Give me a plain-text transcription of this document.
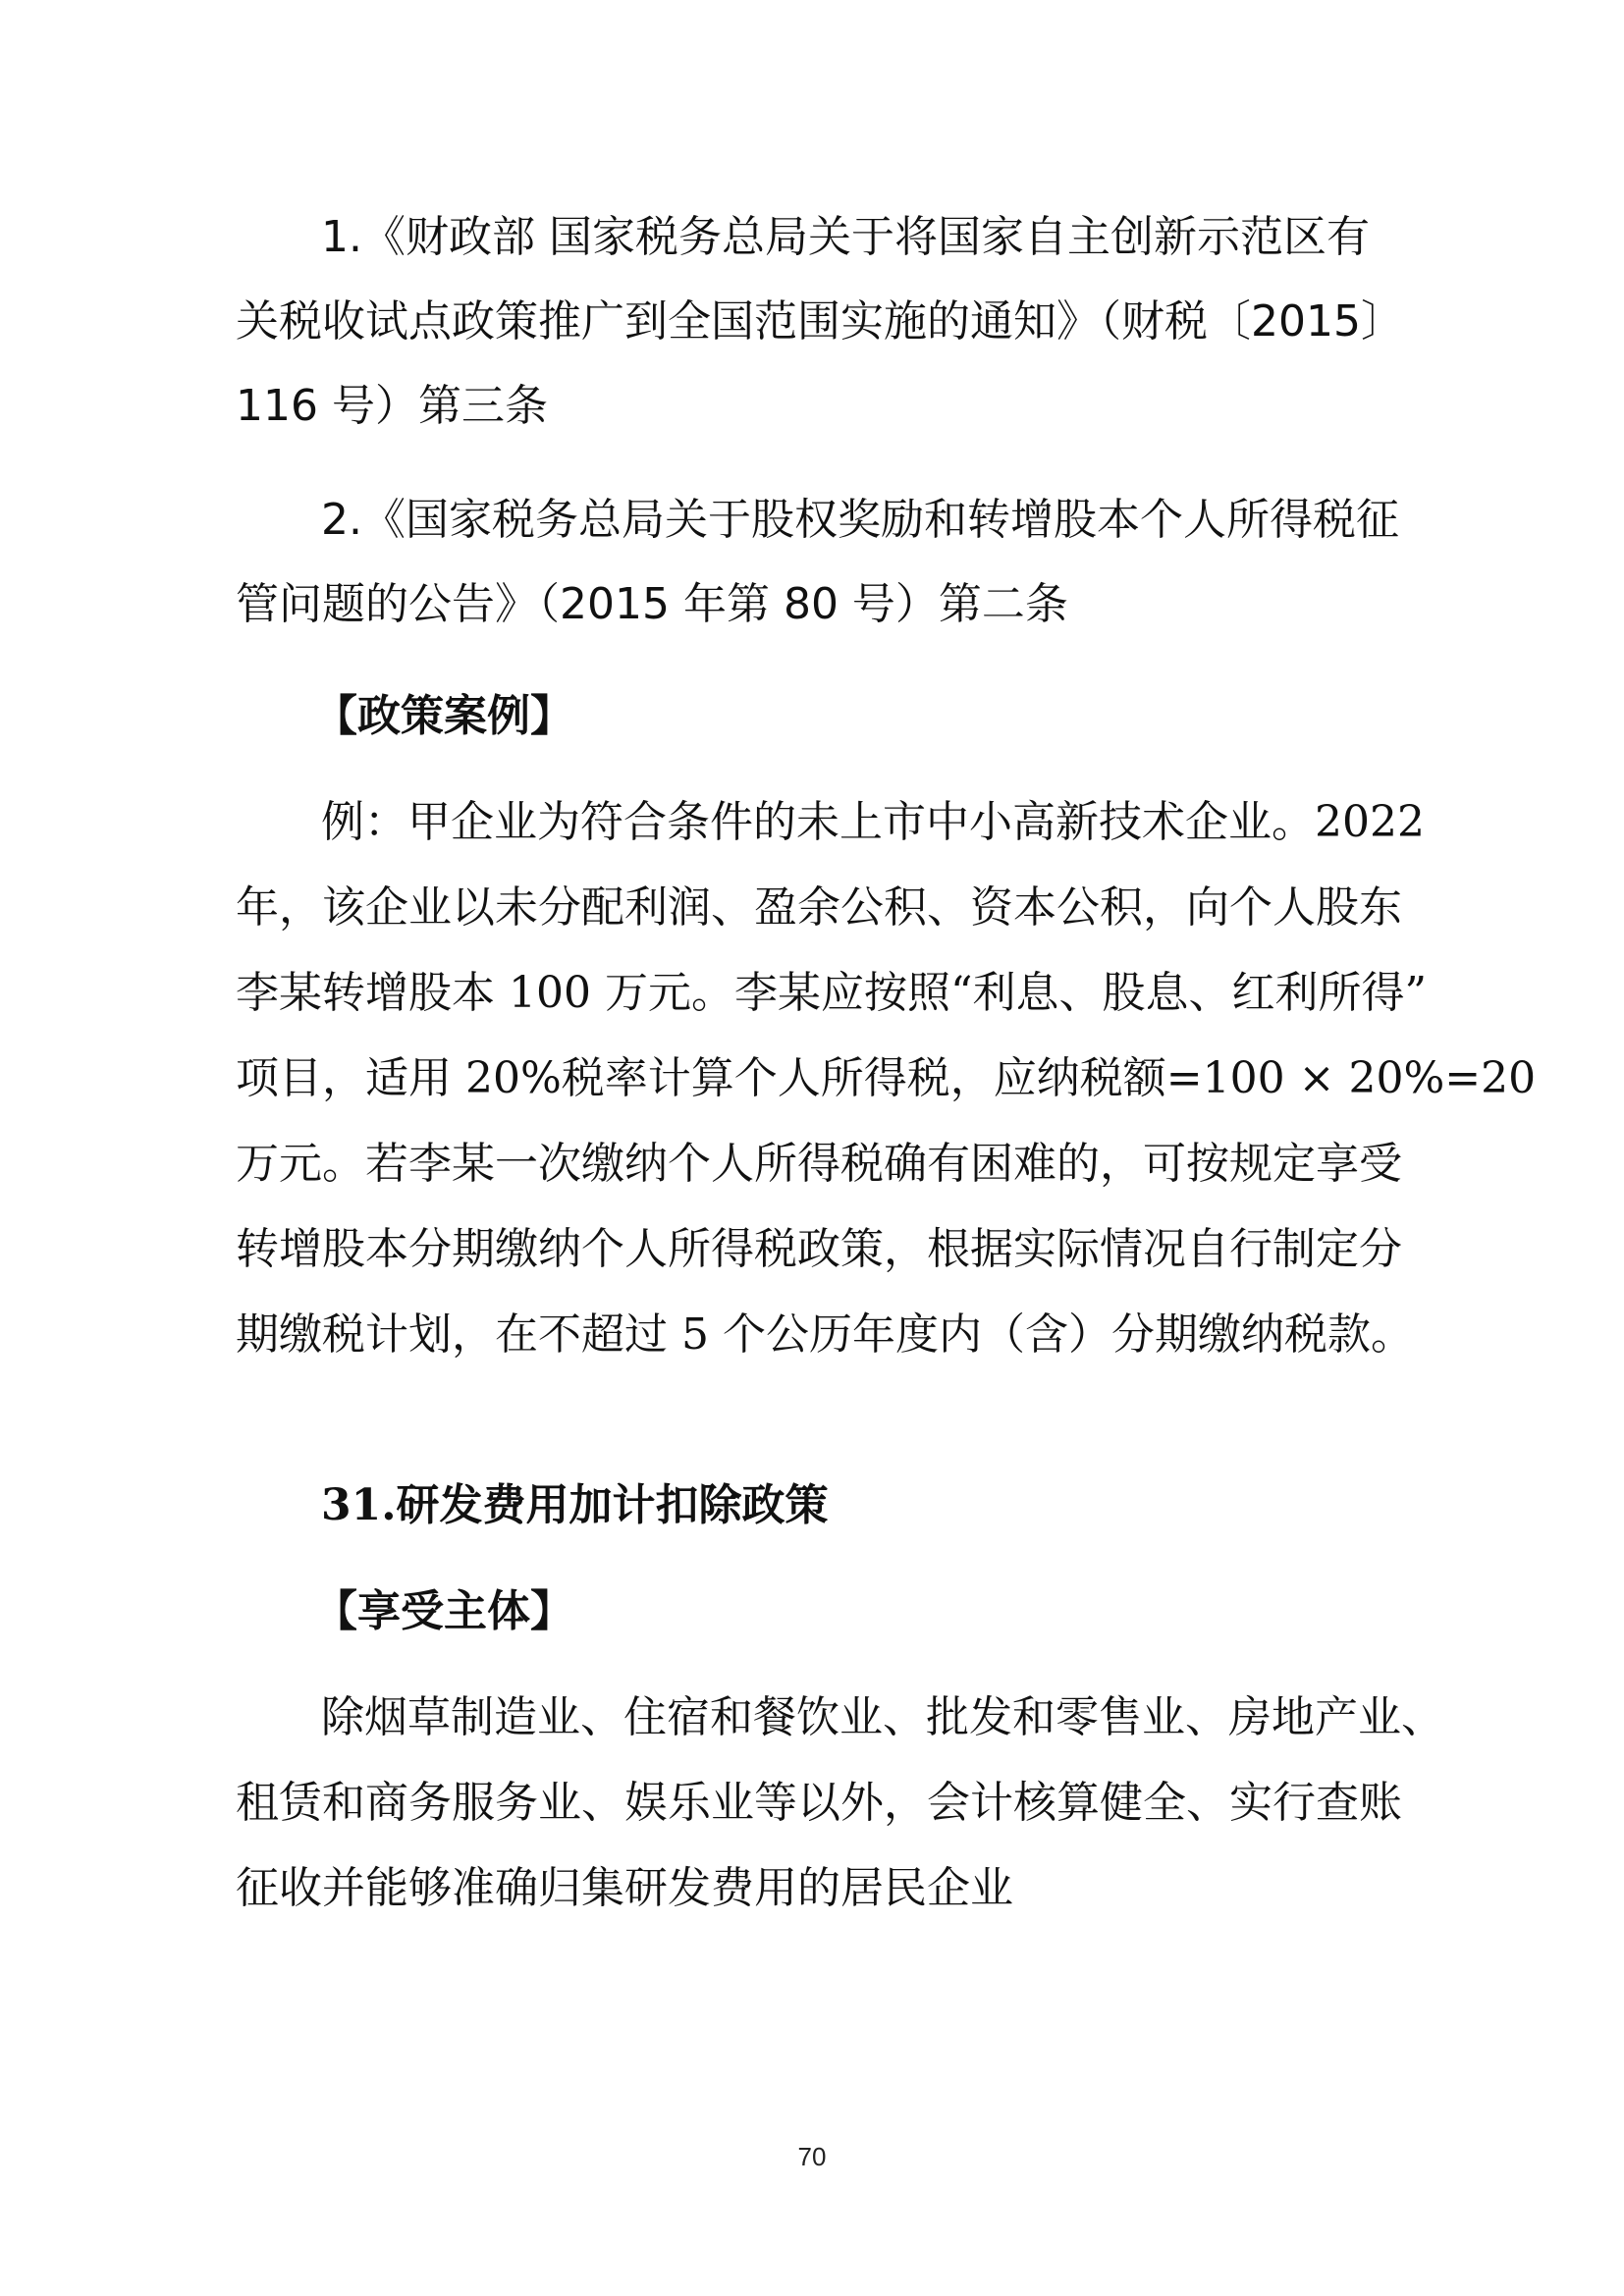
1.《财政部 国家税务总局关于将国家自主创新示范区有
关税收试点政策推广到全国范围实施的通知》（财税〔2015〕
116 号）第三条
2.《国家税务总局关于股权奖励和转增股本个人所得税征
管问题的公告》（2015 年第 80 号）第二条
【政策案例】
例：甲企业为符合条件的未上市中小高新技术企业。2022
年，该企业以未分配利润、盈余公积、资本公积，向个人股东
李某转增股本 100 万元。李某应按照“利息、股息、红利所得”
项目，适用 20%税率计算个人所得税，应纳税额=100 × 20%=20
万元。若李某一次缴纳个人所得税确有困难的，可按规定享受
转增股本分期缴纳个人所得税政策，根据实际情况自行制定分
期缴税计划，在不超过 5 个公历年度内（含）分期缴纳税款。
31.研发费用加计扣除政策
【享受主体】
除烟草制造业、住宿和餐饮业、批发和零售业、房地产业、
租赁和商务服务业、娱乐业等以外，会计核算健全、实行查账
征收并能够准确归集研发费用的居民企业
70
